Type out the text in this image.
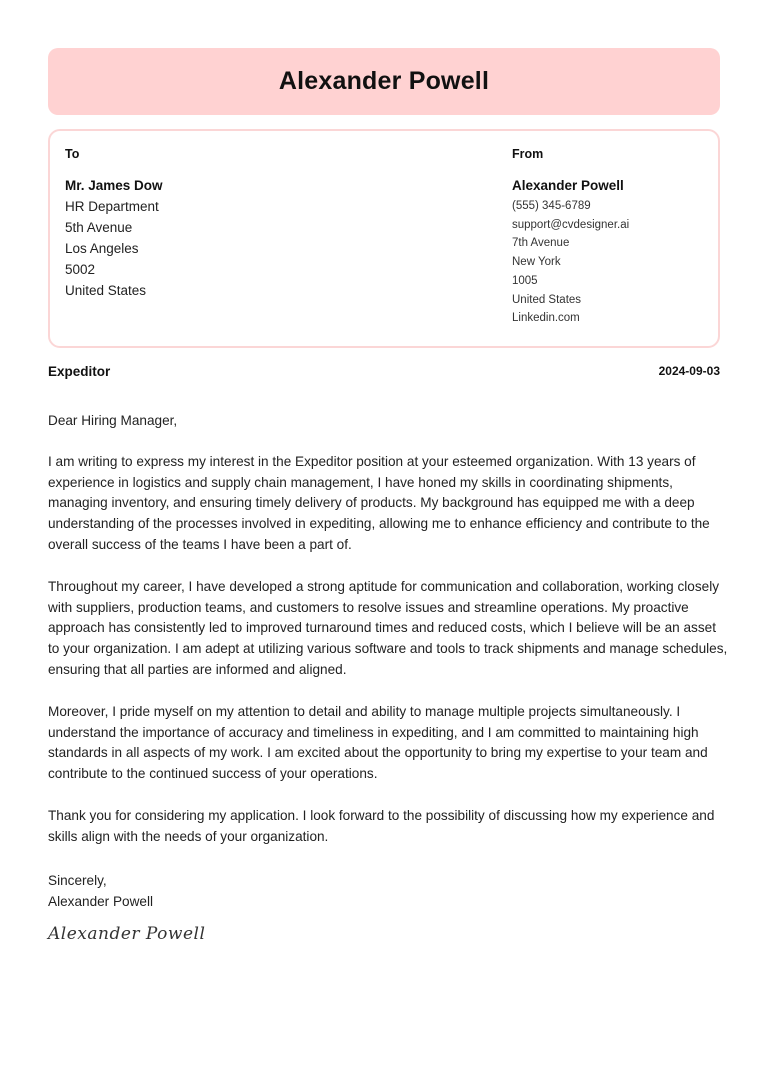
Alexander Powell
To
Mr. James Dow
HR Department
5th Avenue
Los Angeles
5002
United States
From
Alexander Powell
(555) 345-6789
support@cvdesigner.ai
7th Avenue
New York
1005
United States
Linkedin.com
Expeditor	2024-09-03

Dear Hiring Manager,

I am writing to express my interest in the Expeditor position at your esteemed organization. With 13 years of experience in logistics and supply chain management, I have honed my skills in coordinating shipments, managing inventory, and ensuring timely delivery of products. My background has equipped me with a deep understanding of the processes involved in expediting, allowing me to enhance efficiency and contribute to the overall success of the teams I have been a part of.

Throughout my career, I have developed a strong aptitude for communication and collaboration, working closely with suppliers, production teams, and customers to resolve issues and streamline operations. My proactive approach has consistently led to improved turnaround times and reduced costs, which I believe will be an asset to your organization. I am adept at utilizing various software and tools to track shipments and manage schedules, ensuring that all parties are informed and aligned.

Moreover, I pride myself on my attention to detail and ability to manage multiple projects simultaneously. I understand the importance of accuracy and timeliness in expediting, and I am committed to maintaining high standards in all aspects of my work. I am excited about the opportunity to bring my expertise to your team and contribute to the continued success of your operations.

Thank you for considering my application. I look forward to the possibility of discussing how my experience and skills align with the needs of your organization.

Sincerely,
Alexander Powell
Alexander Powell
